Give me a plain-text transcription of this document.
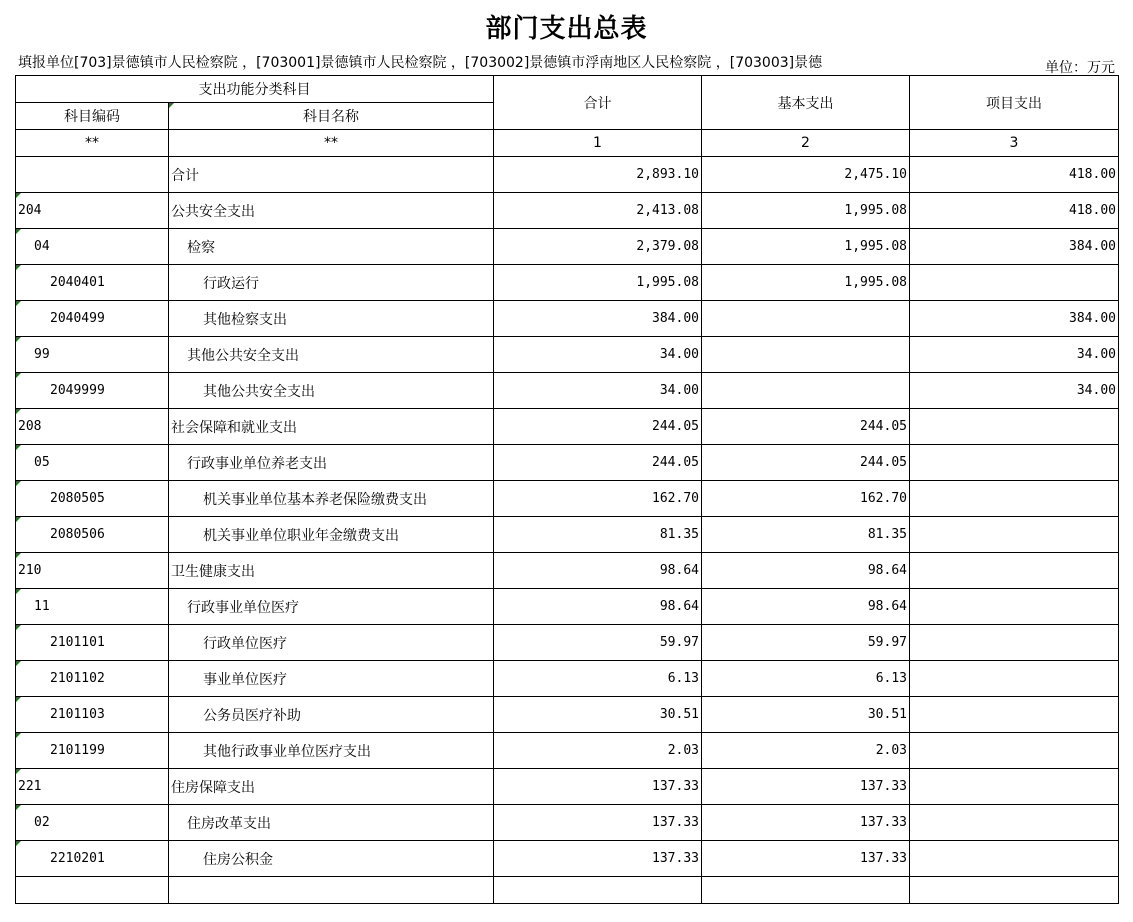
部门支出总表
填报单位[703]景德镇市人民检察院 ，[703001]景德镇市人民检察院 ，[703002]景德镇市浮南地区人民检察院 ，[703003]景德	单位：万元
支出功能分类科目		合计	基本支出	项目支出
科目编码	科目名称			
**	**	1	2	3
	合计	2,893.10	2,475.10	418.00
204	公共安全支出	2,413.08	1,995.08	418.00
04	检察	2,379.08	1,995.08	384.00
2040401	行政运行	1,995.08	1,995.08	
2040499	其他检察支出	384.00		384.00
99	其他公共安全支出	34.00		34.00
2049999	其他公共安全支出	34.00		34.00
208	社会保障和就业支出	244.05	244.05	
05	行政事业单位养老支出	244.05	244.05	
2080505	机关事业单位基本养老保险缴费支出	162.70	162.70	
2080506	机关事业单位职业年金缴费支出	81.35	81.35	
210	卫生健康支出	98.64	98.64	
11	行政事业单位医疗	98.64	98.64	
2101101	行政单位医疗	59.97	59.97	
2101102	事业单位医疗	6.13	6.13	
2101103	公务员医疗补助	30.51	30.51	
2101199	其他行政事业单位医疗支出	2.03	2.03	
221	住房保障支出	137.33	137.33	
02	住房改革支出	137.33	137.33	
2210201	住房公积金	137.33	137.33	
